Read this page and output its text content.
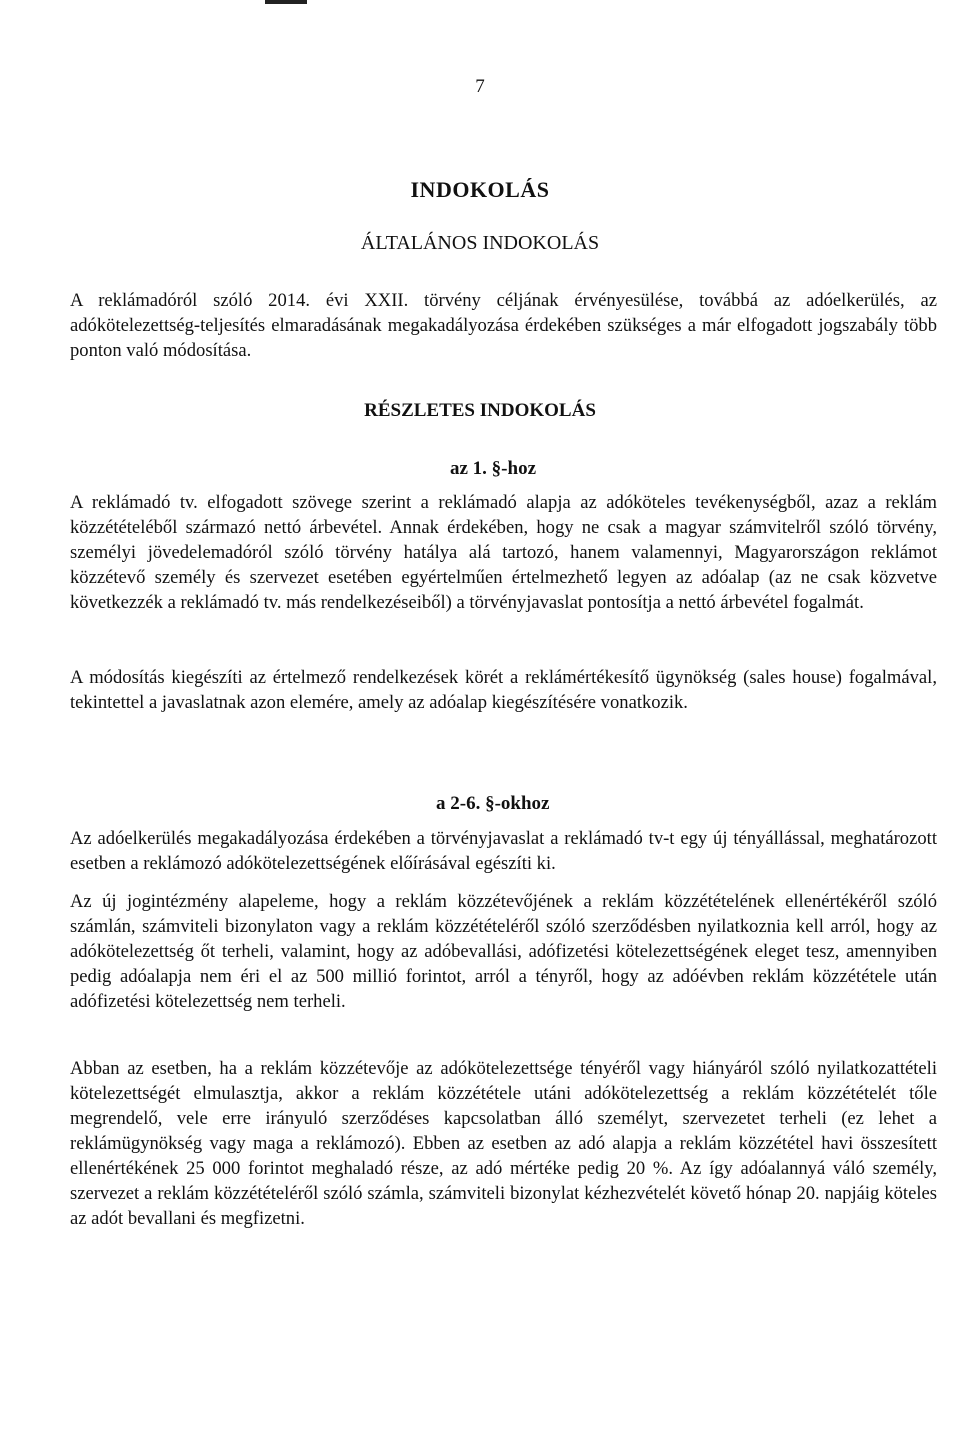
7
INDOKOLÁS
ÁLTALÁNOS INDOKOLÁS
A reklámadóról szóló 2014. évi XXII. törvény céljának érvényesülése, továbbá az adóelkerülés, az adókötelezettség-teljesítés elmaradásának megakadályozása érdekében szükséges a már elfogadott jogszabály több ponton való módosítása.
RÉSZLETES INDOKOLÁS
az 1. §-hoz
A reklámadó tv. elfogadott szövege szerint a reklámadó alapja az adóköteles tevékenységből, azaz a reklám közzétételéből származó nettó árbevétel. Annak érdekében, hogy ne csak a magyar számvitelről szóló törvény, személyi jövedelemadóról szóló törvény hatálya alá tartozó, hanem valamennyi, Magyarországon reklámot közzétevő személy és szervezet esetében egyértelműen értelmezhető legyen az adóalap (az ne csak közvetve következzék a reklámadó tv. más rendelkezéseiből) a törvényjavaslat pontosítja a nettó árbevétel fogalmát.
A módosítás kiegészíti az értelmező rendelkezések körét a reklámértékesítő ügynökség (sales house) fogalmával, tekintettel a javaslatnak azon elemére, amely az adóalap kiegészítésére vonatkozik.
a 2-6. §-okhoz
Az adóelkerülés megakadályozása érdekében a törvényjavaslat a reklámadó tv-t egy új tényállással, meghatározott esetben a reklámozó adókötelezettségének előírásával egészíti ki.
Az új jogintézmény alapeleme, hogy a reklám közzétevőjének a reklám közzétételének ellenértékéről szóló számlán, számviteli bizonylaton vagy a reklám közzétételéről szóló szerződésben nyilatkoznia kell arról, hogy az adókötelezettség őt terheli, valamint, hogy az adóbevallási, adófizetési kötelezettségének eleget tesz, amennyiben pedig adóalapja nem éri el az 500 millió forintot, arról a tényről, hogy az adóévben reklám közzététele után adófizetési kötelezettség nem terheli.
Abban az esetben, ha a reklám közzétevője az adókötelezettsége tényéről vagy hiányáról szóló nyilatkozattételi kötelezettségét elmulasztja, akkor a reklám közzététele utáni adókötelezettség a reklám közzétételét tőle megrendelő, vele erre irányuló szerződéses kapcsolatban álló személyt, szervezetet terheli (ez lehet a reklámügynökség vagy maga a reklámozó). Ebben az esetben az adó alapja a reklám közzététel havi összesített ellenértékének 25 000 forintot meghaladó része, az adó mértéke pedig 20 %. Az így adóalannyá váló személy, szervezet a reklám közzétételéről szóló számla, számviteli bizonylat kézhezvételét követő hónap 20. napjáig köteles az adót bevallani és megfizetni.
